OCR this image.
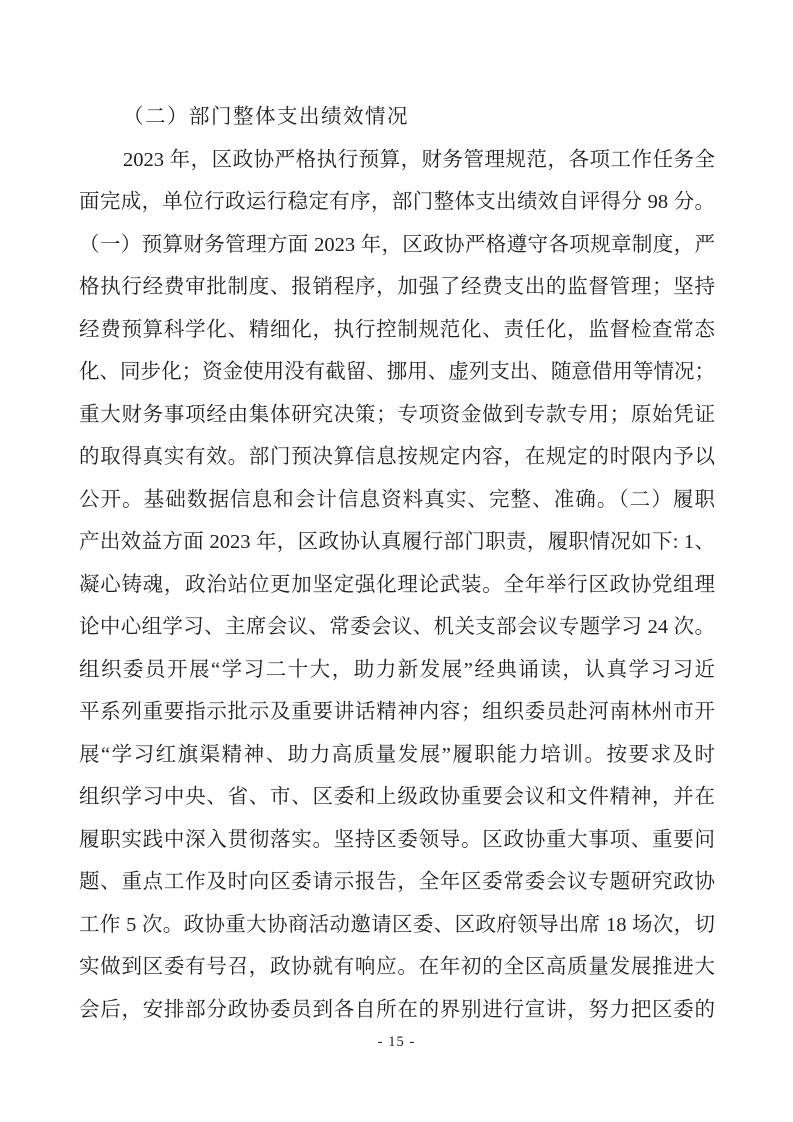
（二）部门整体支出绩效情况
2023 年，区政协严格执行预算，财务管理规范，各项工作任务全
面完成，单位行政运行稳定有序，部门整体支出绩效自评得分 98 分。
（一）预算财务管理方面 2023 年，区政协严格遵守各项规章制度，严
格执行经费审批制度、报销程序，加强了经费支出的监督管理；坚持
经费预算科学化、精细化，执行控制规范化、责任化，监督检查常态
化、同步化；资金使用没有截留、挪用、虚列支出、随意借用等情况；
重大财务事项经由集体研究决策；专项资金做到专款专用；原始凭证
的取得真实有效。部门预决算信息按规定内容，在规定的时限内予以
公开。基础数据信息和会计信息资料真实、完整、准确。（二）履职
产出效益方面 2023 年，区政协认真履行部门职责，履职情况如下: 1、
凝心铸魂，政治站位更加坚定强化理论武装。全年举行区政协党组理
论中心组学习、主席会议、常委会议、机关支部会议专题学习 24 次。
组织委员开展“学习二十大，助力新发展”经典诵读，认真学习习近
平系列重要指示批示及重要讲话精神内容；组织委员赴河南林州市开
展“学习红旗渠精神、助力高质量发展”履职能力培训。按要求及时
组织学习中央、省、市、区委和上级政协重要会议和文件精神，并在
履职实践中深入贯彻落实。坚持区委领导。区政协重大事项、重要问
题、重点工作及时向区委请示报告，全年区委常委会议专题研究政协
工作 5 次。政协重大协商活动邀请区委、区政府领导出席 18 场次，切
实做到区委有号召，政协就有响应。在年初的全区高质量发展推进大
会后，安排部分政协委员到各自所在的界别进行宣讲，努力把区委的
- 15 -
